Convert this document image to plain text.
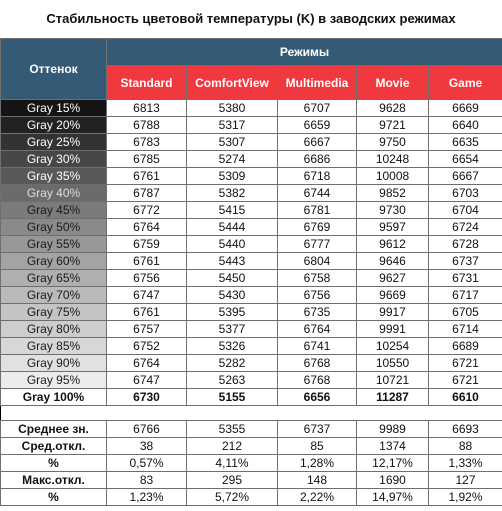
Стабильность цветовой температуры (K) в заводских режимах
Оттенок	Режимы				
	Standard	ComfortView	Multimedia	Movie	Game
Gray 15%	6813	5380	6707	9628	6669
Gray 20%	6788	5317	6659	9721	6640
Gray 25%	6783	5307	6667	9750	6635
Gray 30%	6785	5274	6686	10248	6654
Gray 35%	6761	5309	6718	10008	6667
Gray 40%	6787	5382	6744	9852	6703
Gray 45%	6772	5415	6781	9730	6704
Gray 50%	6764	5444	6769	9597	6724
Gray 55%	6759	5440	6777	9612	6728
Gray 60%	6761	5443	6804	9646	6737
Gray 65%	6756	5450	6758	9627	6731
Gray 70%	6747	5430	6756	9669	6717
Gray 75%	6761	5395	6735	9917	6705
Gray 80%	6757	5377	6764	9991	6714
Gray 85%	6752	5326	6741	10254	6689
Gray 90%	6764	5282	6768	10550	6721
Gray 95%	6747	5263	6768	10721	6721
Gray 100%	6730	5155	6656	11287	6610

Среднее зн.	6766	5355	6737	9989	6693
Сред.откл.	38	212	85	1374	88
%	0,57%	4,11%	1,28%	12,17%	1,33%
Макс.откл.	83	295	148	1690	127
%	1,23%	5,72%	2,22%	14,97%	1,92%
